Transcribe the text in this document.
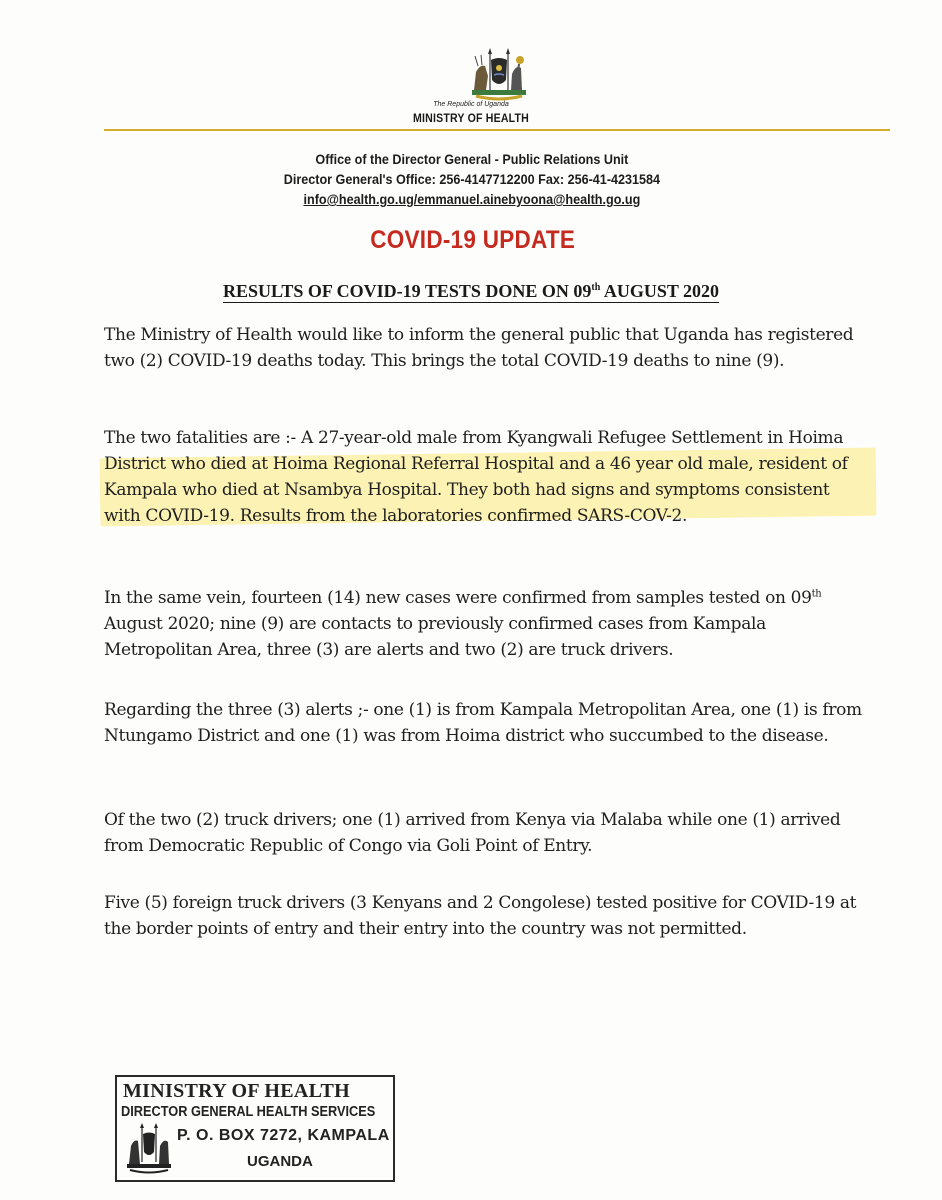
The Republic of Uganda
MINISTRY OF HEALTH
Office of the Director General - Public Relations Unit
Director General's Office: 256-4147712200 Fax: 256-41-4231584
info@health.go.ug/emmanuel.ainebyoona@health.go.ug
COVID-19 UPDATE
RESULTS OF COVID-19 TESTS DONE ON 09th AUGUST 2020

The Ministry of Health would like to inform the general public that Uganda has registered two (2) COVID-19 deaths today. This brings the total COVID-19 deaths to nine (9).

The two fatalities are :- A 27-year-old male from Kyangwali Refugee Settlement in Hoima District who died at Hoima Regional Referral Hospital and a 46 year old male, resident of Kampala who died at Nsambya Hospital. They both had signs and symptoms consistent with COVID-19. Results from the laboratories confirmed SARS-COV-2.

In the same vein, fourteen (14) new cases were confirmed from samples tested on 09th August 2020; nine (9) are contacts to previously confirmed cases from Kampala Metropolitan Area, three (3) are alerts and two (2) are truck drivers.

Regarding the three (3) alerts ;- one (1) is from Kampala Metropolitan Area, one (1) is from Ntungamo District and one (1) was from Hoima district who succumbed to the disease.

Of the two (2) truck drivers; one (1) arrived from Kenya via Malaba while one (1) arrived from Democratic Republic of Congo via Goli Point of Entry.

Five (5) foreign truck drivers (3 Kenyans and 2 Congolese) tested positive for COVID-19 at the border points of entry and their entry into the country was not permitted.

MINISTRY OF HEALTH
DIRECTOR GENERAL HEALTH SERVICES
P. O. BOX 7272, KAMPALA
UGANDA
